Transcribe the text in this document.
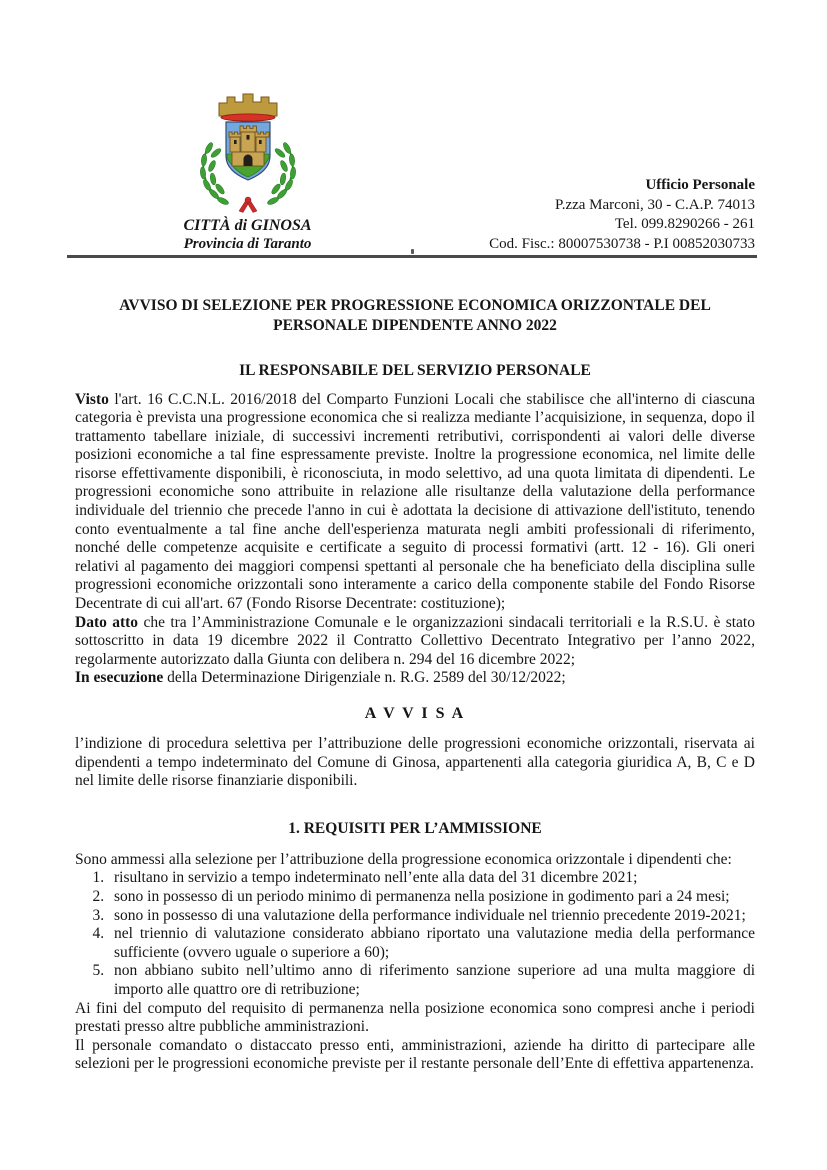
CITTÀ di GINOSA
Provincia di Taranto
Ufficio Personale
P.zza Marconi, 30 - C.A.P. 74013
Tel. 099.8290266 - 261
Cod. Fisc.: 80007530738 - P.I 00852030733
AVVISO DI SELEZIONE PER PROGRESSIONE ECONOMICA ORIZZONTALE DEL PERSONALE DIPENDENTE ANNO 2022
IL RESPONSABILE DEL SERVIZIO PERSONALE

Visto l'art. 16 C.C.N.L. 2016/2018 del Comparto Funzioni Locali che stabilisce che all'interno di ciascuna categoria è prevista una progressione economica che si realizza mediante l’acquisizione, in sequenza, dopo il trattamento tabellare iniziale, di successivi incrementi retributivi, corrispondenti ai valori delle diverse posizioni economiche a tal fine espressamente previste. Inoltre la progressione economica, nel limite delle risorse effettivamente disponibili, è riconosciuta, in modo selettivo, ad una quota limitata di dipendenti. Le progressioni economiche sono attribuite in relazione alle risultanze della valutazione della performance individuale del triennio che precede l'anno in cui è adottata la decisione di attivazione dell'istituto, tenendo conto eventualmente a tal fine anche dell'esperienza maturata negli ambiti professionali di riferimento, nonché delle competenze acquisite e certificate a seguito di processi formativi (artt. 12 - 16). Gli oneri relativi al pagamento dei maggiori compensi spettanti al personale che ha beneficiato della disciplina sulle progressioni economiche orizzontali sono interamente a carico della componente stabile del Fondo Risorse Decentrate di cui all'art. 67 (Fondo Risorse Decentrate: costituzione);

Dato atto che tra l’Amministrazione Comunale e le organizzazioni sindacali territoriali e la R.S.U. è stato sottoscritto in data 19 dicembre 2022 il Contratto Collettivo Decentrato Integrativo per l’anno 2022, regolarmente autorizzato dalla Giunta con delibera n. 294 del 16 dicembre 2022;

In esecuzione della Determinazione Dirigenziale n. R.G. 2589 del 30/12/2022;

A V V I S A

l’indizione di procedura selettiva per l’attribuzione delle progressioni economiche orizzontali, riservata ai dipendenti a tempo indeterminato del Comune di Ginosa, appartenenti alla categoria giuridica A, B, C e D nel limite delle risorse finanziarie disponibili.

1. REQUISITI PER L’AMMISSIONE

Sono ammessi alla selezione per l’attribuzione della progressione economica orizzontale i dipendenti che:

1. risultano in servizio a tempo indeterminato nell’ente alla data del 31 dicembre 2021;
2. sono in possesso di un periodo minimo di permanenza nella posizione in godimento pari a 24 mesi;
3. sono in possesso di una valutazione della performance individuale nel triennio precedente 2019-2021;
4. nel triennio di valutazione considerato abbiano riportato una valutazione media della performance sufficiente (ovvero uguale o superiore a 60);
5. non abbiano subito nell’ultimo anno di riferimento sanzione superiore ad una multa maggiore di importo alle quattro ore di retribuzione;

Ai fini del computo del requisito di permanenza nella posizione economica sono compresi anche i periodi prestati presso altre pubbliche amministrazioni.

Il personale comandato o distaccato presso enti, amministrazioni, aziende ha diritto di partecipare alle selezioni per le progressioni economiche previste per il restante personale dell’Ente di effettiva appartenenza.
